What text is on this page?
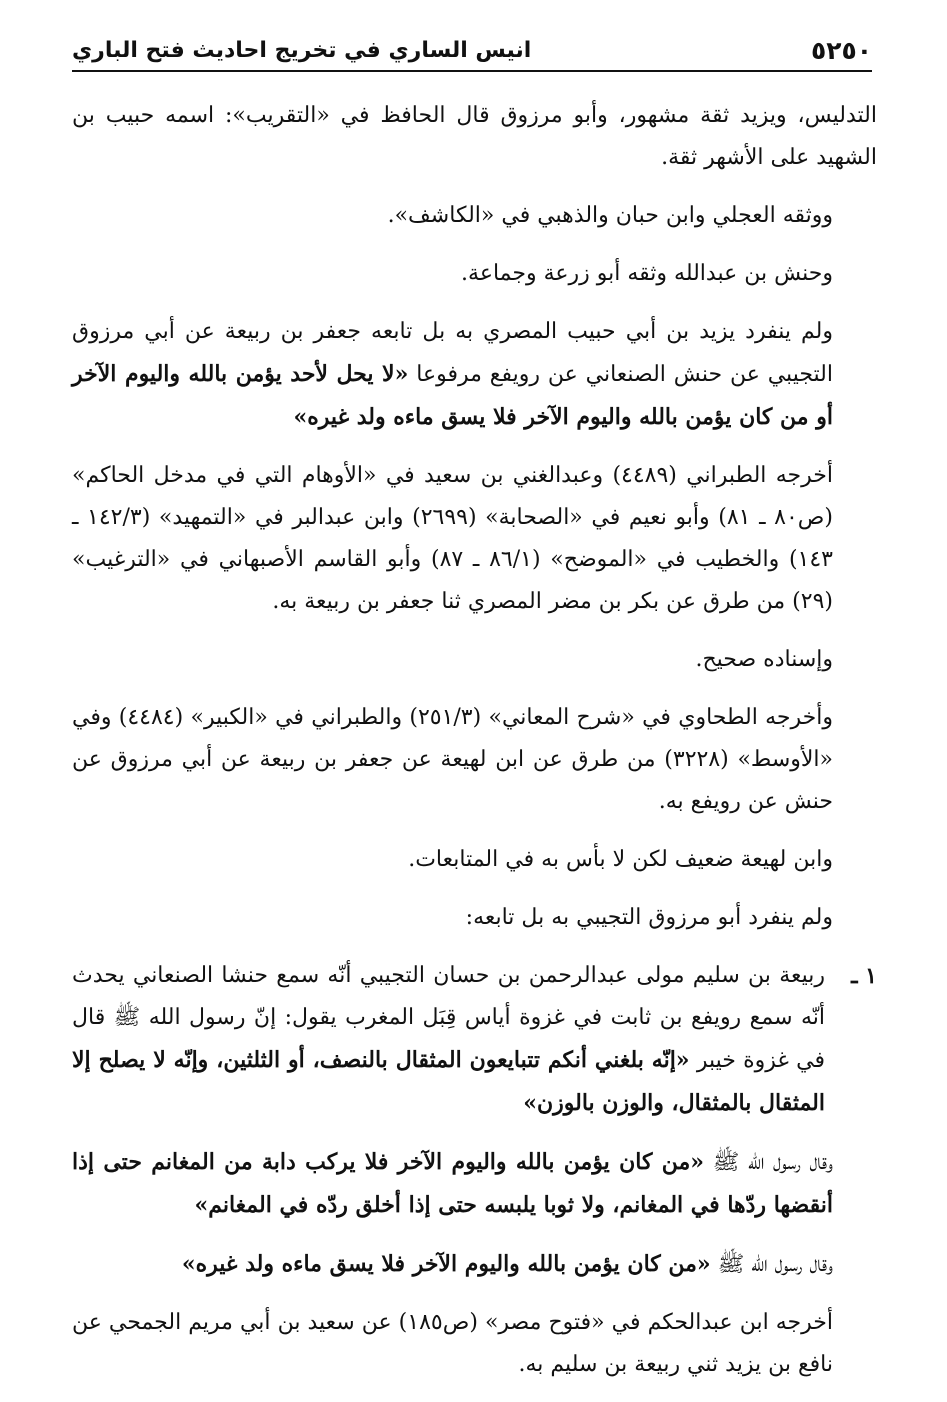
٥٢٥٠
انيس الساري في تخريج احاديث فتح الباري

التدليس، ويزيد ثقة مشهور، وأبو مرزوق قال الحافظ في «التقريب»: اسمه حبيب بن الشهيد على الأشهر ثقة.

ووثقه العجلي وابن حبان والذهبي في «الكاشف».

وحنش بن عبدالله وثقه أبو زرعة وجماعة.

ولم ينفرد يزيد بن أبي حبيب المصري به بل تابعه جعفر بن ربيعة عن أبي مرزوق التجيبي عن حنش الصنعاني عن رويفع مرفوعا «لا يحل لأحد يؤمن بالله واليوم الآخر أو من كان يؤمن بالله واليوم الآخر فلا يسق ماءه ولد غيره»

أخرجه الطبراني (٤٤٨٩) وعبدالغني بن سعيد في «الأوهام التي في مدخل الحاكم» (ص٨٠ ـ ٨١) وأبو نعيم في «الصحابة» (٢٦٩٩) وابن عبدالبر في «التمهيد» (١٤٢/٣ ـ ١٤٣) والخطيب في «الموضح» (٨٦/١ ـ ٨٧) وأبو القاسم الأصبهاني في «الترغيب» (٢٩) من طرق عن بكر بن مضر المصري ثنا جعفر بن ربيعة به.

وإسناده صحيح.

وأخرجه الطحاوي في «شرح المعاني» (٢٥١/٣) والطبراني في «الكبير» (٤٤٨٤) وفي «الأوسط» (٣٢٢٨) من طرق عن ابن لهيعة عن جعفر بن ربيعة عن أبي مرزوق عن حنش عن رويفع به.

وابن لهيعة ضعيف لكن لا بأس به في المتابعات.

ولم ينفرد أبو مرزوق التجيبي به بل تابعه:

١ ـ
ربيعة بن سليم مولى عبدالرحمن بن حسان التجيبي أنّه سمع حنشا الصنعاني يحدث أنّه سمع رويفع بن ثابت في غزوة أياس قِبَل المغرب يقول: إنّ رسول الله ﷺ قال في غزوة خيبر «إنّه بلغني أنكم تتبايعون المثقال بالنصف، أو الثلثين، وإنّه لا يصلح إلا المثقال بالمثقال، والوزن بالوزن»

وقال رسول الله ﷺ «من كان يؤمن بالله واليوم الآخر فلا يركب دابة من المغانم حتى إذا أنقضها ردّها في المغانم، ولا ثوبا يلبسه حتى إذا أخلق ردّه في المغانم»

وقال رسول الله ﷺ «من كان يؤمن بالله واليوم الآخر فلا يسق ماءه ولد غيره»

أخرجه ابن عبدالحكم في «فتوح مصر» (ص١٨٥) عن سعيد بن أبي مريم الجمحي عن نافع بن يزيد ثني ربيعة بن سليم به.
